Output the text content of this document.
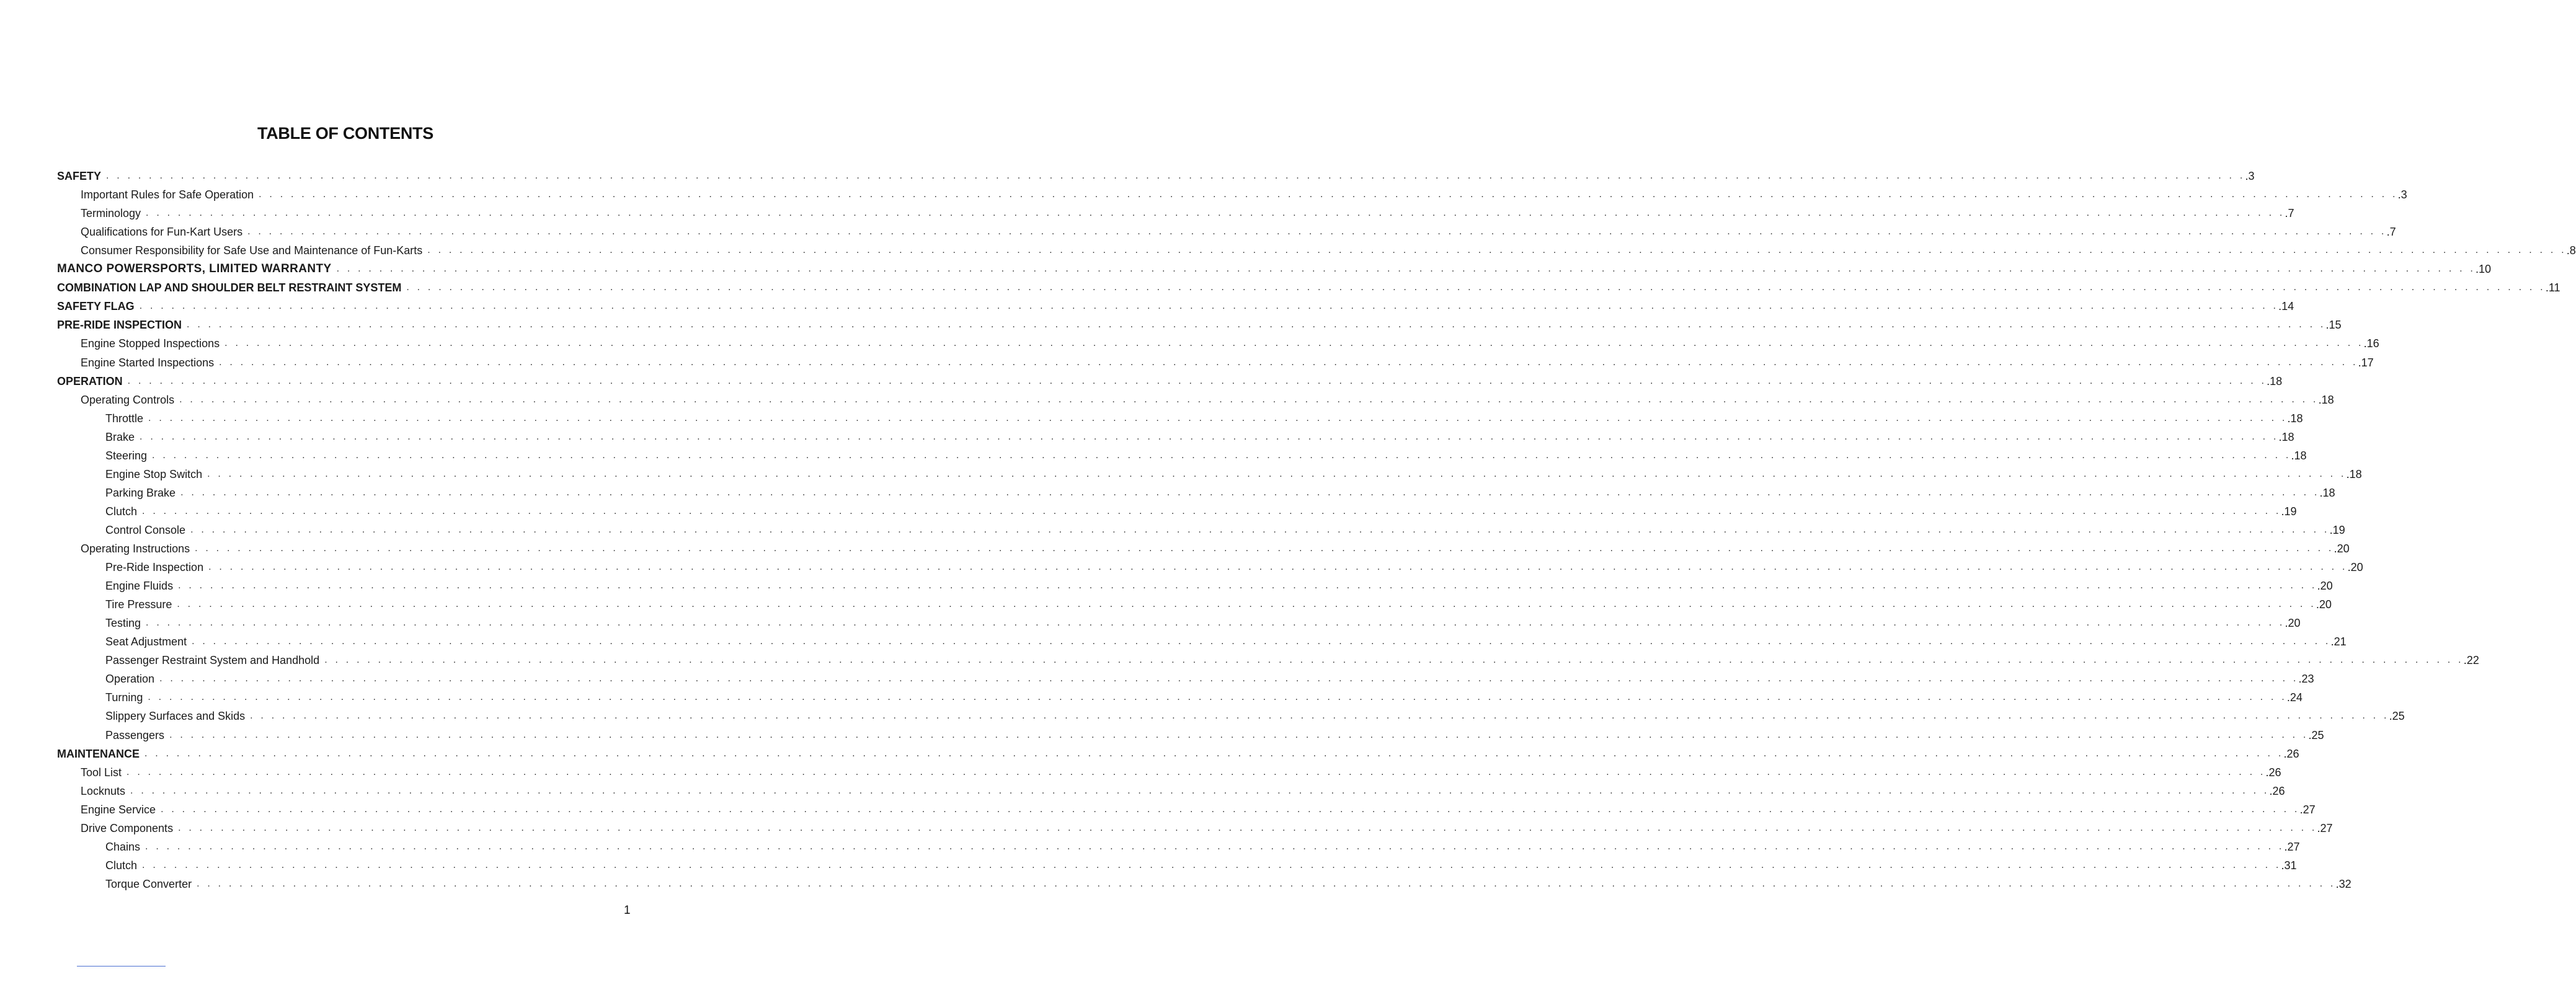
TABLE OF CONTENTS
SAFETY . . . . . . . . . . . . . . . . . . . . . . . . . . . . . . . . . . . . . . . . . . . . . . . . . . . . . . . . . . . . . . . . . . . . . . . . . . . . . . . . . . . . . . . . . . . . . . . . . . . . . . . . . . . . . . . . . . . . . . . . . . . . . . . . . . . . . . . . . . . . . . . . . . . . . . . . . . . . . . . . . . . . . . . . . . . . . . . . . . . . . . . . . . . . . . . . . . . . . . . . .3
Important Rules for Safe Operation . . . . . . . . . . . . . . . . . . . . . . . . . . . . . . . . . . . . . . . . . . . . . . . . . . . . . . . . . . . . . . . . . . . . . . . . . . . . . . . . . . . . . . . . . . . . . . . . . . . . . . . . . . . . . . . . . . . . . . . . . . . . . . . . . . . . . . . . . . . . . . . . . . . . . . . . . . . . . . . . . . . . . . . . . . . . . . . . . . . . . . . . . . . . . . . . . . . . . . . . .3
Terminology . . . . . . . . . . . . . . . . . . . . . . . . . . . . . . . . . . . . . . . . . . . . . . . . . . . . . . . . . . . . . . . . . . . . . . . . . . . . . . . . . . . . . . . . . . . . . . . . . . . . . . . . . . . . . . . . . . . . . . . . . . . . . . . . . . . . . . . . . . . . . . . . . . . . . . . . . . . . . . . . . . . . . . . . . . . . . . . . . . . . . . . . . . . . . . . . . . . . . . . . .7
Qualifications for Fun-Kart Users . . . . . . . . . . . . . . . . . . . . . . . . . . . . . . . . . . . . . . . . . . . . . . . . . . . . . . . . . . . . . . . . . . . . . . . . . . . . . . . . . . . . . . . . . . . . . . . . . . . . . . . . . . . . . . . . . . . . . . . . . . . . . . . . . . . . . . . . . . . . . . . . . . . . . . . . . . . . . . . . . . . . . . . . . . . . . . . . . . . . . . . . . . . . . . . . . . . . . . . . .7
Consumer Responsibility for Safe Use and Maintenance of Fun-Karts . . . . . . . . . . . . . . . . . . . . . . . . . . . . . . . . . . . . . . . . . . . . . . . . . . . . . . . . . . . . . . . . . . . . . . . . . . . . . . . . . . . . . . . . . . . . . . . . . . . . . . . . . . . . . . . . . . . . . . . . . . . . . . . . . . . . . . . . . . . . . . . . . . . . . . . . . . . . . . . . . . . . . . . . . . . . . . . . . . . . . . . . . . . . . . . . . . . . . . . . .8
MANCO POWERSPORTS, LIMITED WARRANTY . . . . . . . . . . . . . . . . . . . . . . . . . . . . . . . . . . . . . . . . . . . . . . . . . . . . . . . . . . . . . . . . . . . . . . . . . . . . . . . . . . . . . . . . . . . . . . . . . . . . . . . . . . . . . . . . . . . . . . . . . . . . . . . . . . . . . . . . . . . . . . . . . . . . . . . . . . . . . . . . . . . . . . . . . . . . . . . . . . . . . . . . . . . . . . . . . . . . . . . . .10
COMBINATION LAP AND SHOULDER BELT RESTRAINT SYSTEM . . . . . . . . . . . . . . . . . . . . . . . . . . . . . . . . . . . . . . . . . . . . . . . . . . . . . . . . . . . . . . . . . . . . . . . . . . . . . . . . . . . . . . . . . . . . . . . . . . . . . . . . . . . . . . . . . . . . . . . . . . . . . . . . . . . . . . . . . . . . . . . . . . . . . . . . . . . . . . . . . . . . . . . . . . . . . . . . . . . . . . . . . . . . . . . . . . . . . . . . .11
SAFETY FLAG . . . . . . . . . . . . . . . . . . . . . . . . . . . . . . . . . . . . . . . . . . . . . . . . . . . . . . . . . . . . . . . . . . . . . . . . . . . . . . . . . . . . . . . . . . . . . . . . . . . . . . . . . . . . . . . . . . . . . . . . . . . . . . . . . . . . . . . . . . . . . . . . . . . . . . . . . . . . . . . . . . . . . . . . . . . . . . . . . . . . . . . . . . . . . . . . . . . . . . . . .14
PRE-RIDE INSPECTION . . . . . . . . . . . . . . . . . . . . . . . . . . . . . . . . . . . . . . . . . . . . . . . . . . . . . . . . . . . . . . . . . . . . . . . . . . . . . . . . . . . . . . . . . . . . . . . . . . . . . . . . . . . . . . . . . . . . . . . . . . . . . . . . . . . . . . . . . . . . . . . . . . . . . . . . . . . . . . . . . . . . . . . . . . . . . . . . . . . . . . . . . . . . . . . . . . . . . . . . .15
Engine Stopped Inspections . . . . . . . . . . . . . . . . . . . . . . . . . . . . . . . . . . . . . . . . . . . . . . . . . . . . . . . . . . . . . . . . . . . . . . . . . . . . . . . . . . . . . . . . . . . . . . . . . . . . . . . . . . . . . . . . . . . . . . . . . . . . . . . . . . . . . . . . . . . . . . . . . . . . . . . . . . . . . . . . . . . . . . . . . . . . . . . . . . . . . . . . . . . . . . . . . . . . . . . . .16
Engine Started Inspections . . . . . . . . . . . . . . . . . . . . . . . . . . . . . . . . . . . . . . . . . . . . . . . . . . . . . . . . . . . . . . . . . . . . . . . . . . . . . . . . . . . . . . . . . . . . . . . . . . . . . . . . . . . . . . . . . . . . . . . . . . . . . . . . . . . . . . . . . . . . . . . . . . . . . . . . . . . . . . . . . . . . . . . . . . . . . . . . . . . . . . . . . . . . . . . . . . . . . . . . .17
OPERATION . . . . . . . . . . . . . . . . . . . . . . . . . . . . . . . . . . . . . . . . . . . . . . . . . . . . . . . . . . . . . . . . . . . . . . . . . . . . . . . . . . . . . . . . . . . . . . . . . . . . . . . . . . . . . . . . . . . . . . . . . . . . . . . . . . . . . . . . . . . . . . . . . . . . . . . . . . . . . . . . . . . . . . . . . . . . . . . . . . . . . . . . . . . . . . . . . . . . . . . . .18
Operating Controls . . . . . . . . . . . . . . . . . . . . . . . . . . . . . . . . . . . . . . . . . . . . . . . . . . . . . . . . . . . . . . . . . . . . . . . . . . . . . . . . . . . . . . . . . . . . . . . . . . . . . . . . . . . . . . . . . . . . . . . . . . . . . . . . . . . . . . . . . . . . . . . . . . . . . . . . . . . . . . . . . . . . . . . . . . . . . . . . . . . . . . . . . . . . . . . . . . . . . . . . .18
Throttle . . . . . . . . . . . . . . . . . . . . . . . . . . . . . . . . . . . . . . . . . . . . . . . . . . . . . . . . . . . . . . . . . . . . . . . . . . . . . . . . . . . . . . . . . . . . . . . . . . . . . . . . . . . . . . . . . . . . . . . . . . . . . . . . . . . . . . . . . . . . . . . . . . . . . . . . . . . . . . . . . . . . . . . . . . . . . . . . . . . . . . . . . . . . . . . . . . . . . . . . .18
Brake . . . . . . . . . . . . . . . . . . . . . . . . . . . . . . . . . . . . . . . . . . . . . . . . . . . . . . . . . . . . . . . . . . . . . . . . . . . . . . . . . . . . . . . . . . . . . . . . . . . . . . . . . . . . . . . . . . . . . . . . . . . . . . . . . . . . . . . . . . . . . . . . . . . . . . . . . . . . . . . . . . . . . . . . . . . . . . . . . . . . . . . . . . . . . . . . . . . . . . . . .18
Steering . . . . . . . . . . . . . . . . . . . . . . . . . . . . . . . . . . . . . . . . . . . . . . . . . . . . . . . . . . . . . . . . . . . . . . . . . . . . . . . . . . . . . . . . . . . . . . . . . . . . . . . . . . . . . . . . . . . . . . . . . . . . . . . . . . . . . . . . . . . . . . . . . . . . . . . . . . . . . . . . . . . . . . . . . . . . . . . . . . . . . . . . . . . . . . . . . . . . . . . . .18
Engine Stop Switch . . . . . . . . . . . . . . . . . . . . . . . . . . . . . . . . . . . . . . . . . . . . . . . . . . . . . . . . . . . . . . . . . . . . . . . . . . . . . . . . . . . . . . . . . . . . . . . . . . . . . . . . . . . . . . . . . . . . . . . . . . . . . . . . . . . . . . . . . . . . . . . . . . . . . . . . . . . . . . . . . . . . . . . . . . . . . . . . . . . . . . . . . . . . . . . . . . . . . . . . .18
Parking Brake . . . . . . . . . . . . . . . . . . . . . . . . . . . . . . . . . . . . . . . . . . . . . . . . . . . . . . . . . . . . . . . . . . . . . . . . . . . . . . . . . . . . . . . . . . . . . . . . . . . . . . . . . . . . . . . . . . . . . . . . . . . . . . . . . . . . . . . . . . . . . . . . . . . . . . . . . . . . . . . . . . . . . . . . . . . . . . . . . . . . . . . . . . . . . . . . . . . . . . . . .18
Clutch . . . . . . . . . . . . . . . . . . . . . . . . . . . . . . . . . . . . . . . . . . . . . . . . . . . . . . . . . . . . . . . . . . . . . . . . . . . . . . . . . . . . . . . . . . . . . . . . . . . . . . . . . . . . . . . . . . . . . . . . . . . . . . . . . . . . . . . . . . . . . . . . . . . . . . . . . . . . . . . . . . . . . . . . . . . . . . . . . . . . . . . . . . . . . . . . . . . . . . . . .19
Control Console . . . . . . . . . . . . . . . . . . . . . . . . . . . . . . . . . . . . . . . . . . . . . . . . . . . . . . . . . . . . . . . . . . . . . . . . . . . . . . . . . . . . . . . . . . . . . . . . . . . . . . . . . . . . . . . . . . . . . . . . . . . . . . . . . . . . . . . . . . . . . . . . . . . . . . . . . . . . . . . . . . . . . . . . . . . . . . . . . . . . . . . . . . . . . . . . . . . . . . . . .19
Operating Instructions . . . . . . . . . . . . . . . . . . . . . . . . . . . . . . . . . . . . . . . . . . . . . . . . . . . . . . . . . . . . . . . . . . . . . . . . . . . . . . . . . . . . . . . . . . . . . . . . . . . . . . . . . . . . . . . . . . . . . . . . . . . . . . . . . . . . . . . . . . . . . . . . . . . . . . . . . . . . . . . . . . . . . . . . . . . . . . . . . . . . . . . . . . . . . . . . . . . . . . . . .20
Pre-Ride Inspection . . . . . . . . . . . . . . . . . . . . . . . . . . . . . . . . . . . . . . . . . . . . . . . . . . . . . . . . . . . . . . . . . . . . . . . . . . . . . . . . . . . . . . . . . . . . . . . . . . . . . . . . . . . . . . . . . . . . . . . . . . . . . . . . . . . . . . . . . . . . . . . . . . . . . . . . . . . . . . . . . . . . . . . . . . . . . . . . . . . . . . . . . . . . . . . . . . . . . . . . .20
Engine Fluids . . . . . . . . . . . . . . . . . . . . . . . . . . . . . . . . . . . . . . . . . . . . . . . . . . . . . . . . . . . . . . . . . . . . . . . . . . . . . . . . . . . . . . . . . . . . . . . . . . . . . . . . . . . . . . . . . . . . . . . . . . . . . . . . . . . . . . . . . . . . . . . . . . . . . . . . . . . . . . . . . . . . . . . . . . . . . . . . . . . . . . . . . . . . . . . . . . . . . . . . .20
Tire Pressure . . . . . . . . . . . . . . . . . . . . . . . . . . . . . . . . . . . . . . . . . . . . . . . . . . . . . . . . . . . . . . . . . . . . . . . . . . . . . . . . . . . . . . . . . . . . . . . . . . . . . . . . . . . . . . . . . . . . . . . . . . . . . . . . . . . . . . . . . . . . . . . . . . . . . . . . . . . . . . . . . . . . . . . . . . . . . . . . . . . . . . . . . . . . . . . . . . . . . . . . .20
Testing . . . . . . . . . . . . . . . . . . . . . . . . . . . . . . . . . . . . . . . . . . . . . . . . . . . . . . . . . . . . . . . . . . . . . . . . . . . . . . . . . . . . . . . . . . . . . . . . . . . . . . . . . . . . . . . . . . . . . . . . . . . . . . . . . . . . . . . . . . . . . . . . . . . . . . . . . . . . . . . . . . . . . . . . . . . . . . . . . . . . . . . . . . . . . . . . . . . . . . . . .20
Seat Adjustment . . . . . . . . . . . . . . . . . . . . . . . . . . . . . . . . . . . . . . . . . . . . . . . . . . . . . . . . . . . . . . . . . . . . . . . . . . . . . . . . . . . . . . . . . . . . . . . . . . . . . . . . . . . . . . . . . . . . . . . . . . . . . . . . . . . . . . . . . . . . . . . . . . . . . . . . . . . . . . . . . . . . . . . . . . . . . . . . . . . . . . . . . . . . . . . . . . . . . . . . .21
Passenger Restraint System and Handhold . . . . . . . . . . . . . . . . . . . . . . . . . . . . . . . . . . . . . . . . . . . . . . . . . . . . . . . . . . . . . . . . . . . . . . . . . . . . . . . . . . . . . . . . . . . . . . . . . . . . . . . . . . . . . . . . . . . . . . . . . . . . . . . . . . . . . . . . . . . . . . . . . . . . . . . . . . . . . . . . . . . . . . . . . . . . . . . . . . . . . . . . . . . . . . . . . . . . . . . . .22
Operation . . . . . . . . . . . . . . . . . . . . . . . . . . . . . . . . . . . . . . . . . . . . . . . . . . . . . . . . . . . . . . . . . . . . . . . . . . . . . . . . . . . . . . . . . . . . . . . . . . . . . . . . . . . . . . . . . . . . . . . . . . . . . . . . . . . . . . . . . . . . . . . . . . . . . . . . . . . . . . . . . . . . . . . . . . . . . . . . . . . . . . . . . . . . . . . . . . . . . . . . .23
Turning . . . . . . . . . . . . . . . . . . . . . . . . . . . . . . . . . . . . . . . . . . . . . . . . . . . . . . . . . . . . . . . . . . . . . . . . . . . . . . . . . . . . . . . . . . . . . . . . . . . . . . . . . . . . . . . . . . . . . . . . . . . . . . . . . . . . . . . . . . . . . . . . . . . . . . . . . . . . . . . . . . . . . . . . . . . . . . . . . . . . . . . . . . . . . . . . . . . . . . . . .24
Slippery Surfaces and Skids . . . . . . . . . . . . . . . . . . . . . . . . . . . . . . . . . . . . . . . . . . . . . . . . . . . . . . . . . . . . . . . . . . . . . . . . . . . . . . . . . . . . . . . . . . . . . . . . . . . . . . . . . . . . . . . . . . . . . . . . . . . . . . . . . . . . . . . . . . . . . . . . . . . . . . . . . . . . . . . . . . . . . . . . . . . . . . . . . . . . . . . . . . . . . . . . . . . . . . . . .25
Passengers . . . . . . . . . . . . . . . . . . . . . . . . . . . . . . . . . . . . . . . . . . . . . . . . . . . . . . . . . . . . . . . . . . . . . . . . . . . . . . . . . . . . . . . . . . . . . . . . . . . . . . . . . . . . . . . . . . . . . . . . . . . . . . . . . . . . . . . . . . . . . . . . . . . . . . . . . . . . . . . . . . . . . . . . . . . . . . . . . . . . . . . . . . . . . . . . . . . . . . . . .25
MAINTENANCE . . . . . . . . . . . . . . . . . . . . . . . . . . . . . . . . . . . . . . . . . . . . . . . . . . . . . . . . . . . . . . . . . . . . . . . . . . . . . . . . . . . . . . . . . . . . . . . . . . . . . . . . . . . . . . . . . . . . . . . . . . . . . . . . . . . . . . . . . . . . . . . . . . . . . . . . . . . . . . . . . . . . . . . . . . . . . . . . . . . . . . . . . . . . . . . . . . . . . . . . .26
Tool List . . . . . . . . . . . . . . . . . . . . . . . . . . . . . . . . . . . . . . . . . . . . . . . . . . . . . . . . . . . . . . . . . . . . . . . . . . . . . . . . . . . . . . . . . . . . . . . . . . . . . . . . . . . . . . . . . . . . . . . . . . . . . . . . . . . . . . . . . . . . . . . . . . . . . . . . . . . . . . . . . . . . . . . . . . . . . . . . . . . . . . . . . . . . . . . . . . . . . . . . .26
Locknuts . . . . . . . . . . . . . . . . . . . . . . . . . . . . . . . . . . . . . . . . . . . . . . . . . . . . . . . . . . . . . . . . . . . . . . . . . . . . . . . . . . . . . . . . . . . . . . . . . . . . . . . . . . . . . . . . . . . . . . . . . . . . . . . . . . . . . . . . . . . . . . . . . . . . . . . . . . . . . . . . . . . . . . . . . . . . . . . . . . . . . . . . . . . . . . . . . . . . . . . . .26
Engine Service . . . . . . . . . . . . . . . . . . . . . . . . . . . . . . . . . . . . . . . . . . . . . . . . . . . . . . . . . . . . . . . . . . . . . . . . . . . . . . . . . . . . . . . . . . . . . . . . . . . . . . . . . . . . . . . . . . . . . . . . . . . . . . . . . . . . . . . . . . . . . . . . . . . . . . . . . . . . . . . . . . . . . . . . . . . . . . . . . . . . . . . . . . . . . . . . . . . . . . . . .27
Drive Components . . . . . . . . . . . . . . . . . . . . . . . . . . . . . . . . . . . . . . . . . . . . . . . . . . . . . . . . . . . . . . . . . . . . . . . . . . . . . . . . . . . . . . . . . . . . . . . . . . . . . . . . . . . . . . . . . . . . . . . . . . . . . . . . . . . . . . . . . . . . . . . . . . . . . . . . . . . . . . . . . . . . . . . . . . . . . . . . . . . . . . . . . . . . . . . . . . . . . . . . .27
Chains . . . . . . . . . . . . . . . . . . . . . . . . . . . . . . . . . . . . . . . . . . . . . . . . . . . . . . . . . . . . . . . . . . . . . . . . . . . . . . . . . . . . . . . . . . . . . . . . . . . . . . . . . . . . . . . . . . . . . . . . . . . . . . . . . . . . . . . . . . . . . . . . . . . . . . . . . . . . . . . . . . . . . . . . . . . . . . . . . . . . . . . . . . . . . . . . . . . . . . . . .27
Clutch . . . . . . . . . . . . . . . . . . . . . . . . . . . . . . . . . . . . . . . . . . . . . . . . . . . . . . . . . . . . . . . . . . . . . . . . . . . . . . . . . . . . . . . . . . . . . . . . . . . . . . . . . . . . . . . . . . . . . . . . . . . . . . . . . . . . . . . . . . . . . . . . . . . . . . . . . . . . . . . . . . . . . . . . . . . . . . . . . . . . . . . . . . . . . . . . . . . . . . . . .31
Torque Converter . . . . . . . . . . . . . . . . . . . . . . . . . . . . . . . . . . . . . . . . . . . . . . . . . . . . . . . . . . . . . . . . . . . . . . . . . . . . . . . . . . . . . . . . . . . . . . . . . . . . . . . . . . . . . . . . . . . . . . . . . . . . . . . . . . . . . . . . . . . . . . . . . . . . . . . . . . . . . . . . . . . . . . . . . . . . . . . . . . . . . . . . . . . . . . . . . . . . . . . . .32
1
